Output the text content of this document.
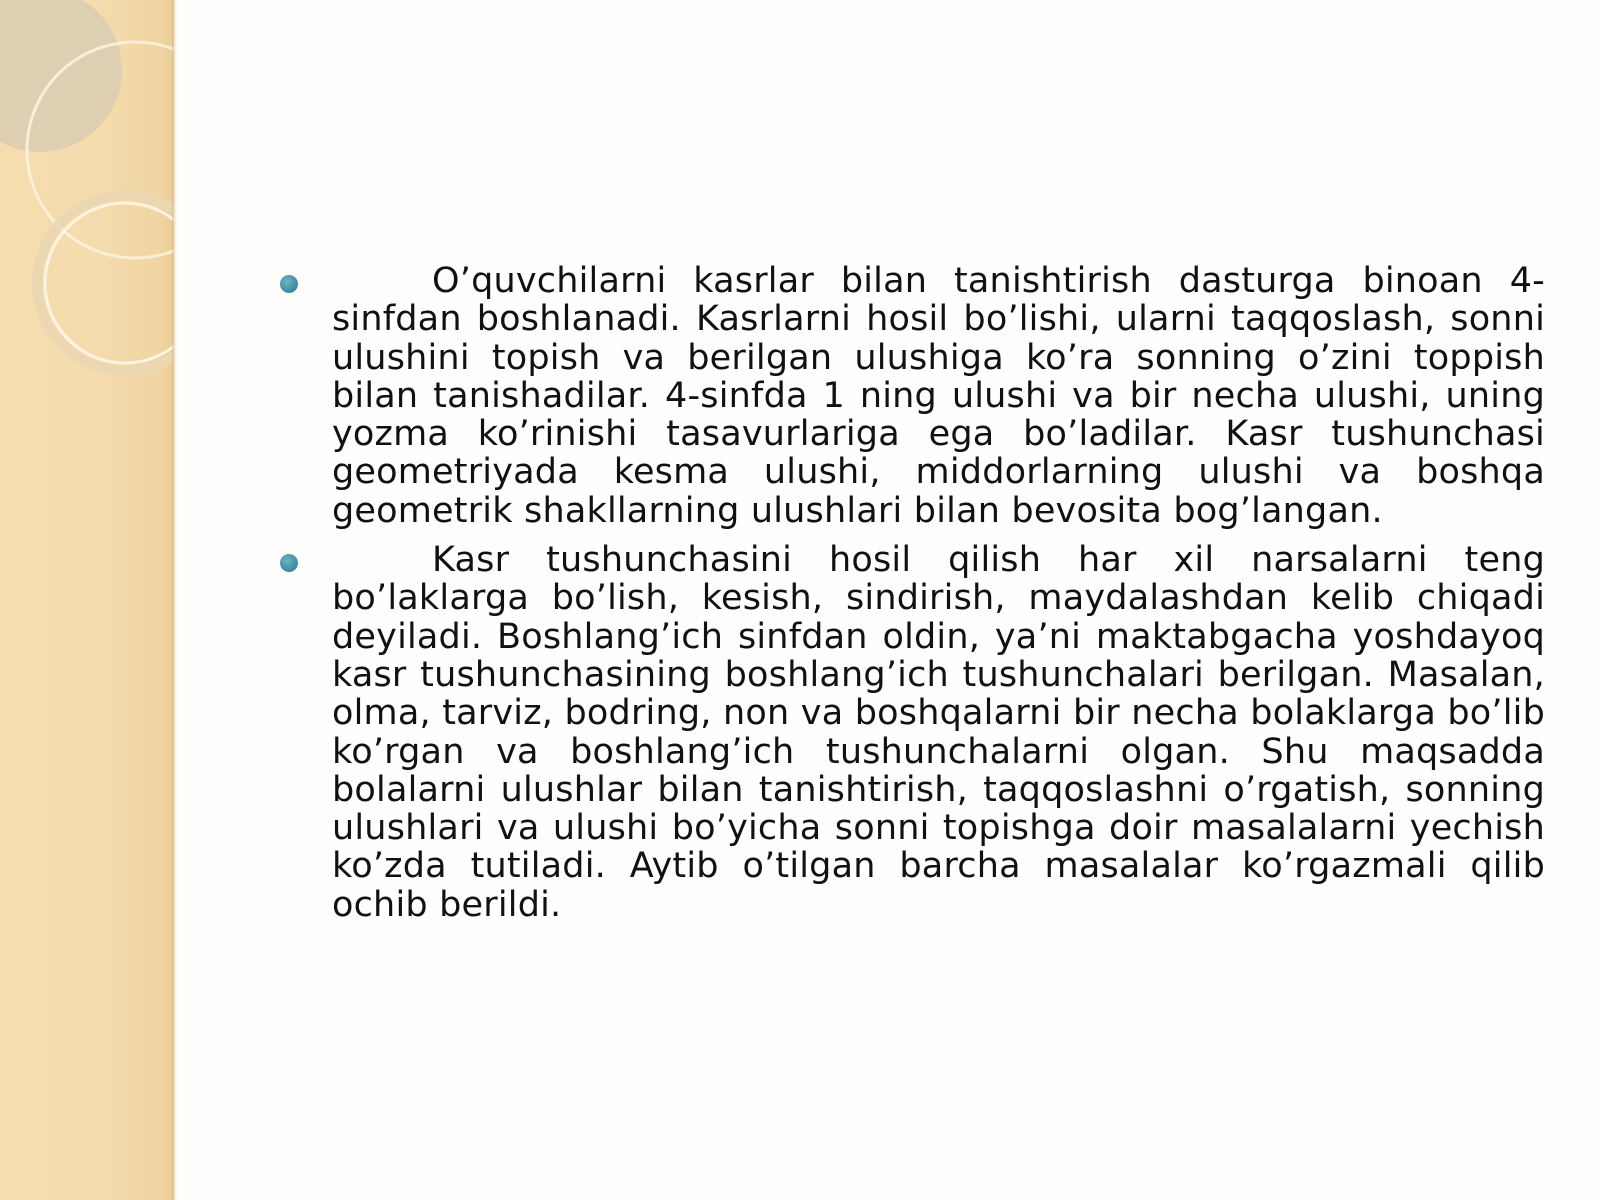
O’quvchilarni kasrlar bilan tanishtirish dasturga binoan 4-sinfdan boshlanadi. Kasrlarni hosil bo’lishi, ularni taqqoslash, sonni ulushini topish va berilgan ulushiga ko’ra sonning o’zini toppish bilan tanishadilar. 4-sinfda 1 ning ulushi va bir necha ulushi, uning yozma ko’rinishi tasavurlariga ega bo’ladilar. Kasr tushunchasi geometriyada kesma ulushi, middorlarning ulushi va boshqa geometrik shakllarning ulushlari bilan bevosita bog’langan.

Kasr tushunchasini hosil qilish har xil narsalarni teng bo’laklarga bo’lish, kesish, sindirish, maydalashdan kelib chiqadi deyiladi. Boshlang’ich sinfdan oldin, ya’ni maktabgacha yoshdayoq kasr tushunchasining boshlang’ich tushunchalari berilgan. Masalan, olma, tarviz, bodring, non va boshqalarni bir necha bolaklarga bo’lib ko’rgan va boshlang’ich tushunchalarni olgan. Shu maqsadda bolalarni ulushlar bilan tanishtirish, taqqoslashni o’rgatish, sonning ulushlari va ulushi bo’yicha sonni topishga doir masalalarni yechish ko’zda tutiladi. Aytib o’tilgan barcha masalalar ko’rgazmali qilib ochib berildi.
